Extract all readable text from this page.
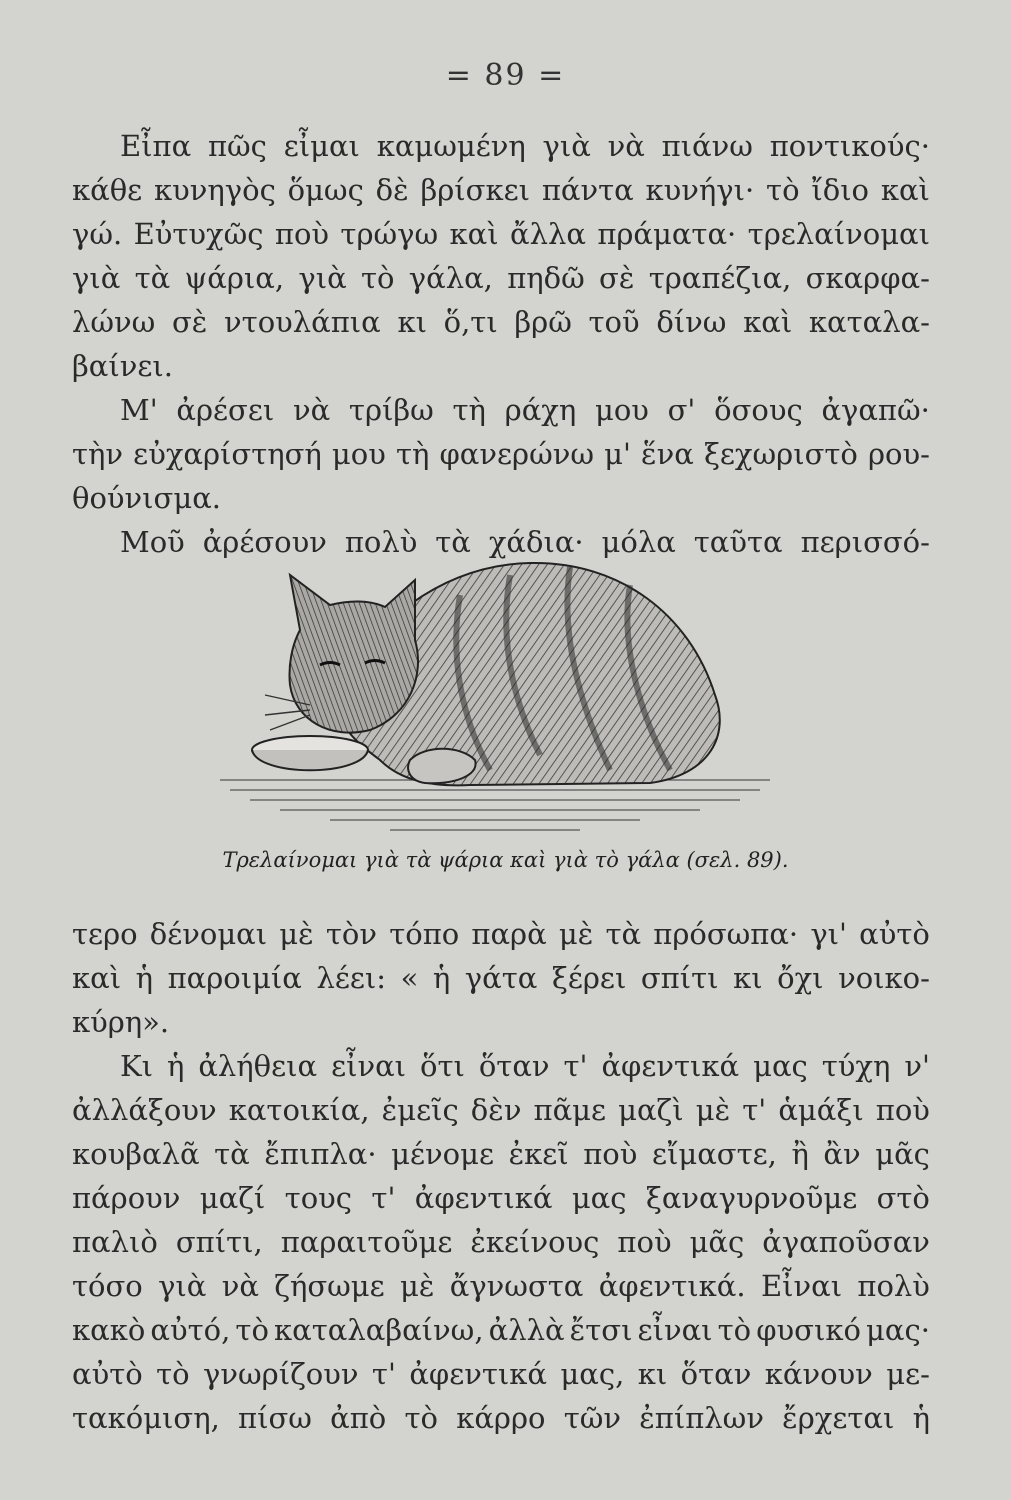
= 89 =
Εἶπα πῶς εἶμαι καμωμένη γιὰ νὰ πιάνω ποντικούς·
κάθε κυνηγὸς ὅμως δὲ βρίσκει πάντα κυνήγι· τὸ ἴδιο καὶ
γώ. Εὐτυχῶς ποὺ τρώγω καὶ ἄλλα πράματα· τρελαίνομαι
γιὰ τὰ ψάρια, γιὰ τὸ γάλα, πηδῶ σὲ τραπέζια, σκαρφα-
λώνω σὲ ντουλάπια κι ὅ,τι βρῶ τοῦ δίνω καὶ καταλα-
βαίνει.
Μ' ἀρέσει νὰ τρίβω τὴ ράχη μου σ' ὅσους ἀγαπῶ·
τὴν εὐχαρίστησή μου τὴ φανερώνω μ' ἕνα ξεχωριστὸ ρου-
θούνισμα.
Μοῦ ἀρέσουν πολὺ τὰ χάδια· μόλα ταῦτα περισσό-
Τρελαίνομαι γιὰ τὰ ψάρια καὶ γιὰ τὸ γάλα (σελ. 89).
τερο δένομαι μὲ τὸν τόπο παρὰ μὲ τὰ πρόσωπα· γι' αὐτὸ
καὶ ἡ παροιμία λέει: « ἡ γάτα ξέρει σπίτι κι ὄχι νοικο-
κύρη».
Κι ἡ ἀλήθεια εἶναι ὅτι ὅταν τ' ἀφεντικά μας τύχη ν'
ἀλλάξουν κατοικία, ἐμεῖς δὲν πᾶμε μαζὶ μὲ τ' ἁμάξι ποὺ
κουβαλᾶ τὰ ἔπιπλα· μένομε ἐκεῖ ποὺ εἴμαστε, ἢ ἂν μᾶς
πάρουν μαζί τους τ' ἀφεντικά μας ξαναγυρνοῦμε στὸ
παλιὸ σπίτι, παραιτοῦμε ἐκείνους ποὺ μᾶς ἀγαποῦσαν
τόσο γιὰ νὰ ζήσωμε μὲ ἄγνωστα ἀφεντικά. Εἶναι πολὺ
κακὸ αὐτό, τὸ καταλαβαίνω, ἀλλὰ ἔτσι εἶναι τὸ φυσικό μας·
αὐτὸ τὸ γνωρίζουν τ' ἀφεντικά μας, κι ὅταν κάνουν με-
τακόμιση, πίσω ἀπὸ τὸ κάρρο τῶν ἐπίπλων ἔρχεται ἡ
